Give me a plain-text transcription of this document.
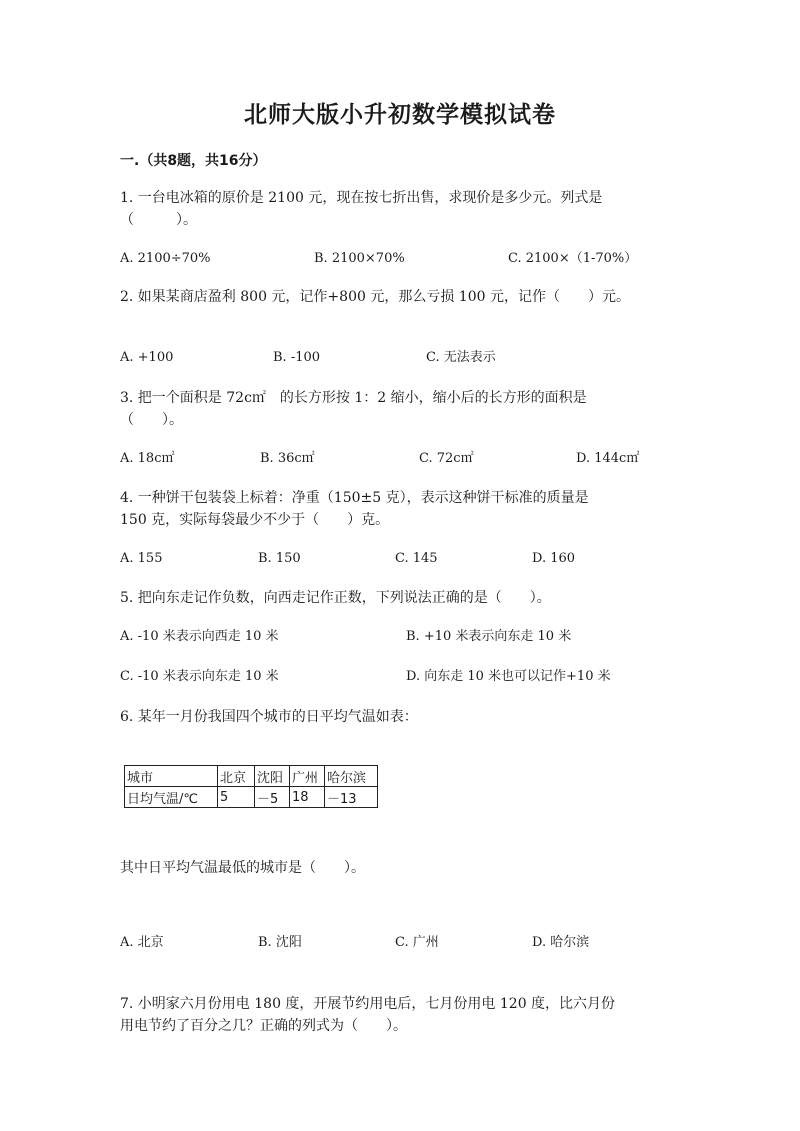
北师大版小升初数学模拟试卷
一.（共8题，共16分）
1. 一台电冰箱的原价是 2100 元，现在按七折出售，求现价是多少元。列式是
（　　　）。
A. 2100÷70%	B. 2100×70%	C. 2100×（1-70%）
2. 如果某商店盈利 800 元，记作+800 元，那么亏损 100 元，记作（　　）元。
A. +100	B. -100	C. 无法表示
3. 把一个面积是 72c㎡　的长方形按 1：2 缩小，缩小后的长方形的面积是
（　　）。
A. 18c㎡	B. 36c㎡	C. 72c㎡	D. 144c㎡
4. 一种饼干包装袋上标着：净重（150±5 克），表示这种饼干标准的质量是
150 克，实际每袋最少不少于（　　）克。
A. 155	B. 150	C. 145	D. 160
5. 把向东走记作负数，向西走记作正数，下列说法正确的是（　　）。
A. -10 米表示向西走 10 米	B. +10 米表示向东走 10 米
C. -10 米表示向东走 10 米	D. 向东走 10 米也可以记作+10 米
6. 某年一月份我国四个城市的日平均气温如表：
城市	北京	沈阳	广州	哈尔滨
日均气温/℃	5	－5	18	－13
其中日平均气温最低的城市是（　　）。
A. 北京	B. 沈阳	C. 广州	D. 哈尔滨
7. 小明家六月份用电 180 度，开展节约用电后，七月份用电 120 度，比六月份
用电节约了百分之几？正确的列式为（　　）。
